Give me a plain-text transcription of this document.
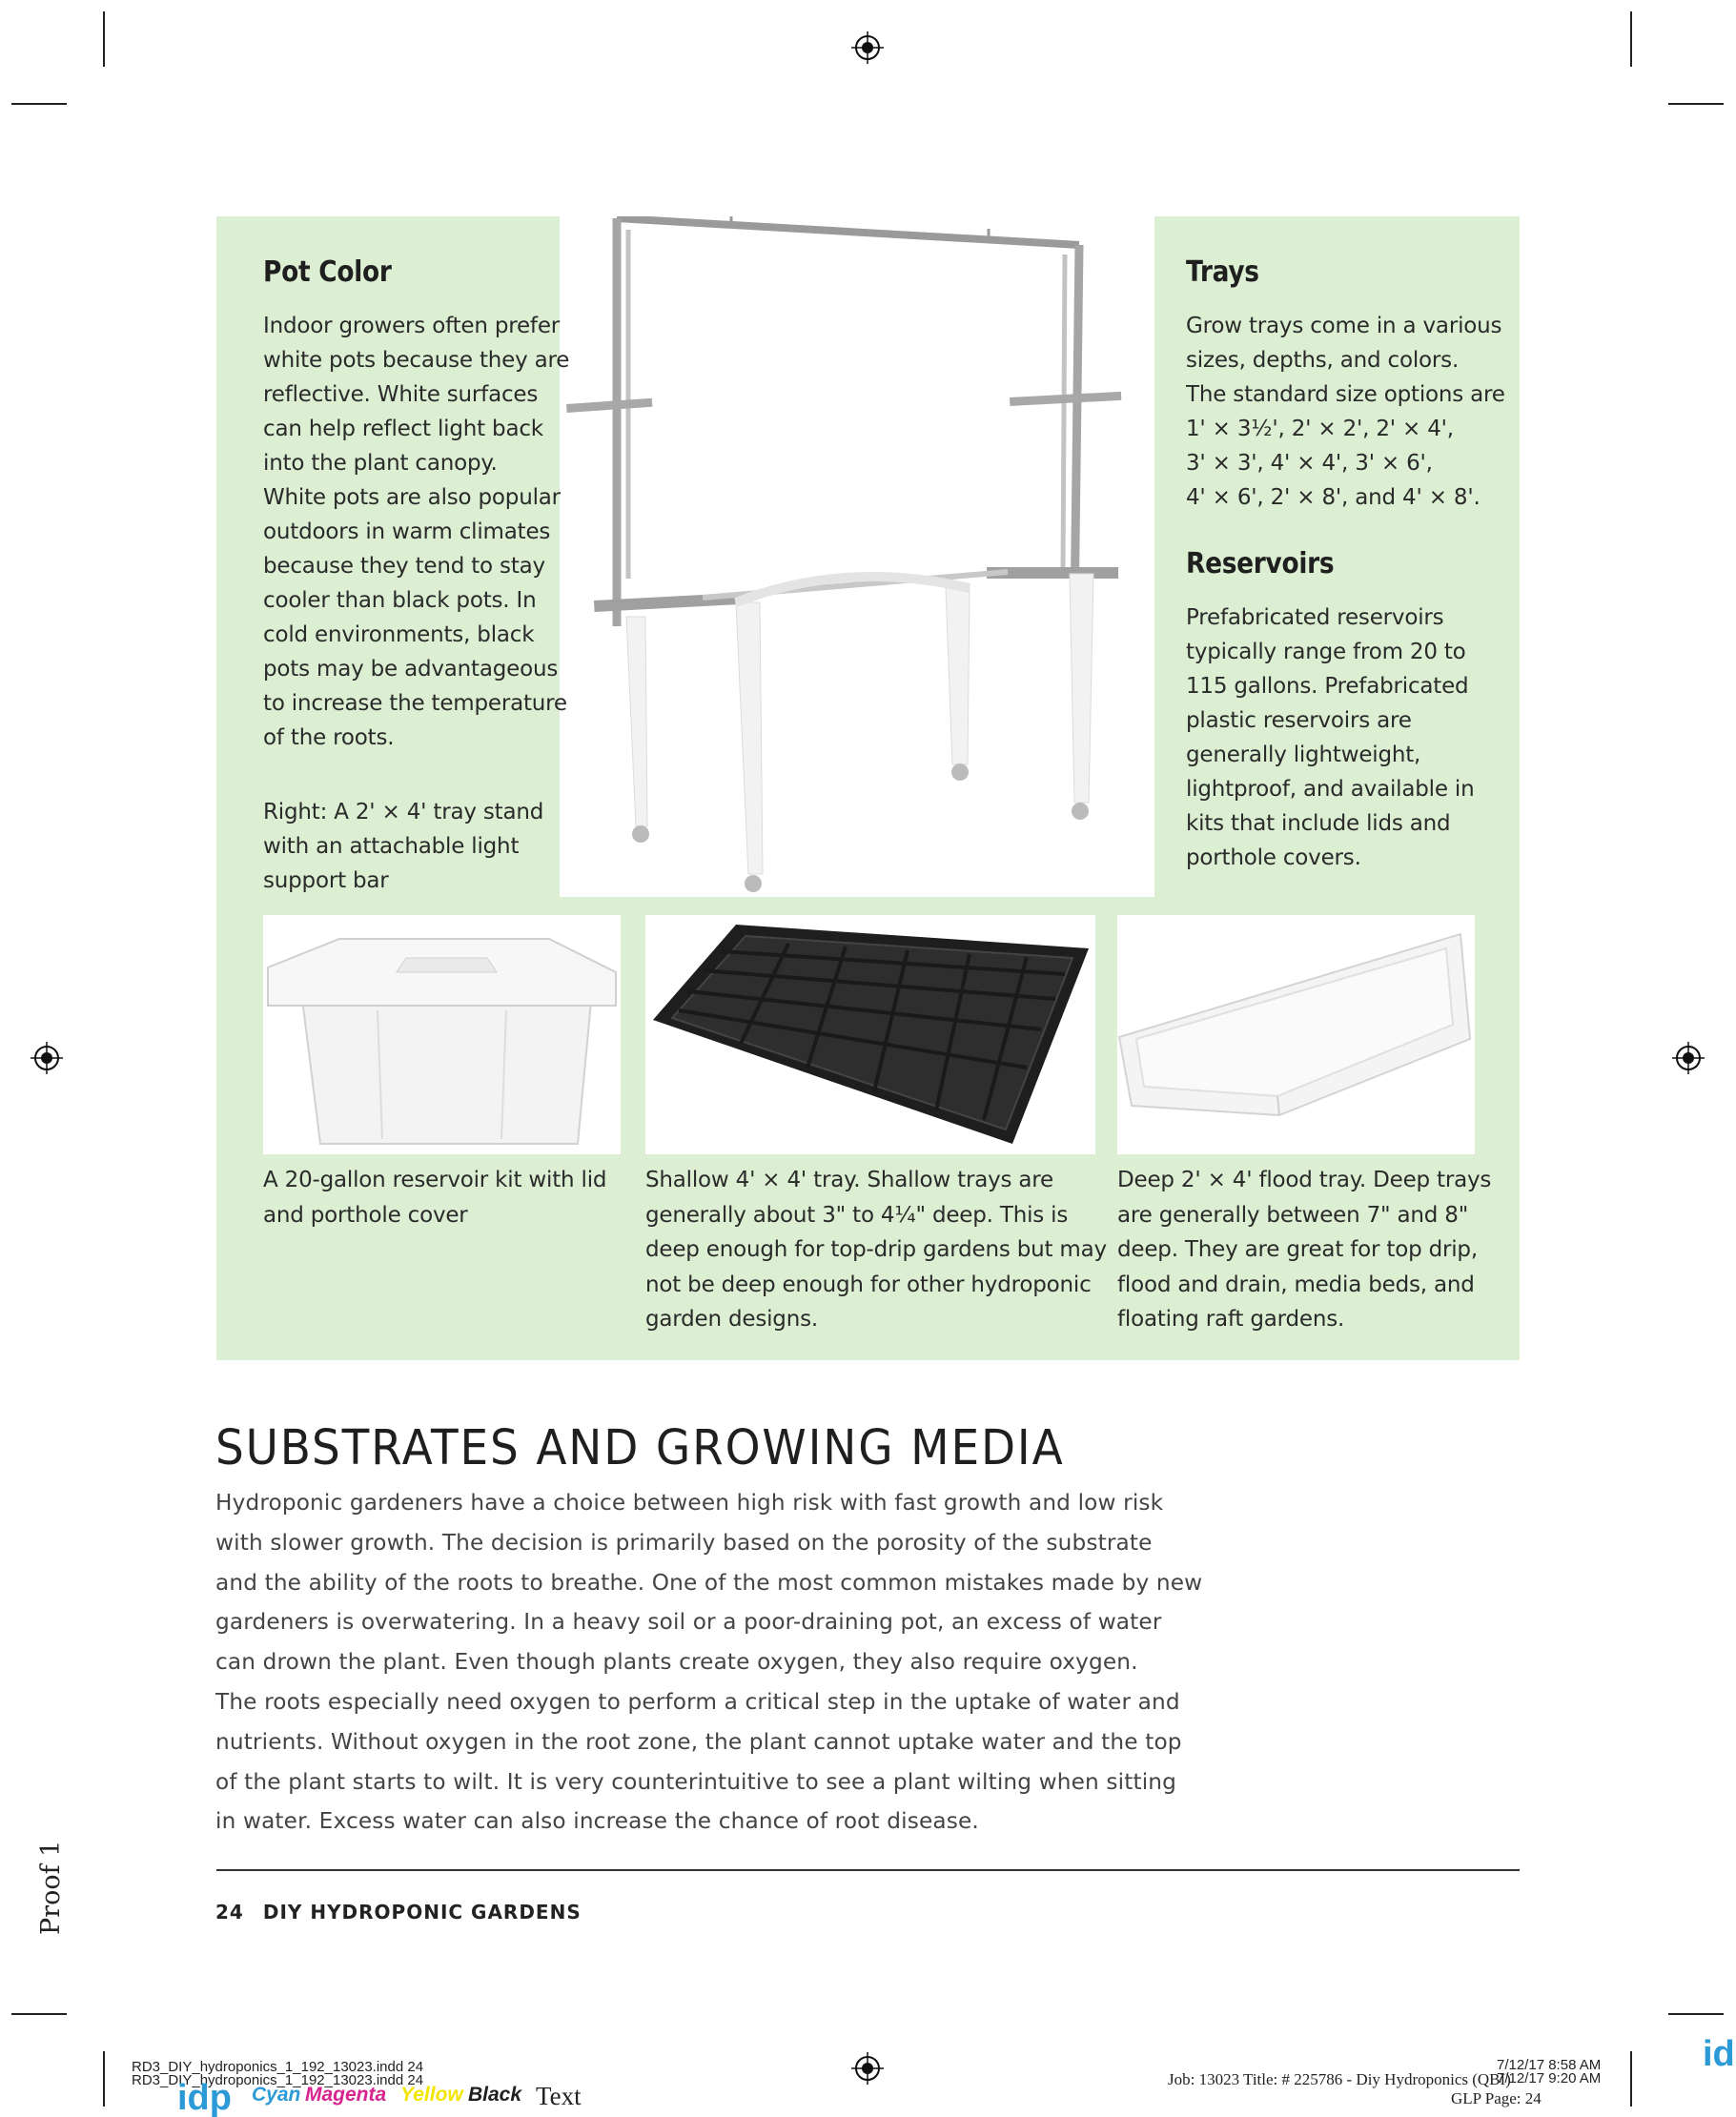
Pot Color
Indoor growers often prefer
white pots because they are
reflective. White surfaces
can help reflect light back
into the plant canopy.
White pots are also popular
outdoors in warm climates
because they tend to stay
cooler than black pots. In
cold environments, black
pots may be advantageous
to increase the temperature
of the roots.
Right: A 2' × 4' tray stand
with an attachable light
support bar
Trays
Grow trays come in a various
sizes, depths, and colors.
The standard size options are
1' × 3½', 2' × 2', 2' × 4',
3' × 3', 4' × 4', 3' × 6',
4' × 6', 2' × 8', and 4' × 8'.
Reservoirs
Prefabricated reservoirs
typically range from 20 to
115 gallons. Prefabricated
plastic reservoirs are
generally lightweight,
lightproof, and available in
kits that include lids and
porthole covers.
A 20-gallon reservoir kit with lid
and porthole cover
Shallow 4' × 4' tray. Shallow trays are
generally about 3" to 4¼" deep. This is
deep enough for top-drip gardens but may
not be deep enough for other hydroponic
garden designs.
Deep 2' × 4' flood tray. Deep trays
are generally between 7" and 8"
deep. They are great for top drip,
flood and drain, media beds, and
floating raft gardens.
SUBSTRATES AND GROWING MEDIA
Hydroponic gardeners have a choice between high risk with fast growth and low risk
with slower growth. The decision is primarily based on the porosity of the substrate
and the ability of the roots to breathe. One of the most common mistakes made by new
gardeners is overwatering. In a heavy soil or a poor-draining pot, an excess of water
can drown the plant. Even though plants create oxygen, they also require oxygen.
The roots especially need oxygen to perform a critical step in the uptake of water and
nutrients. Without oxygen in the root zone, the plant cannot uptake water and the top
of the plant starts to wilt. It is very counterintuitive to see a plant wilting when sitting
in water. Excess water can also increase the chance of root disease.
24 DIY HYDROPONIC GARDENS
Proof 1
RD3_DIY_hydroponics_1_192_13023.indd 24
RD3_DIY_hydroponics_1_192_13023.indd 24
idp Cyan Magenta Yellow Black Text
Job: 13023 Title: # 225786 - Diy Hydroponics (QBI)
GLP Page: 24
7/12/17 8:58 AM
7/12/17 9:20 AM
id
